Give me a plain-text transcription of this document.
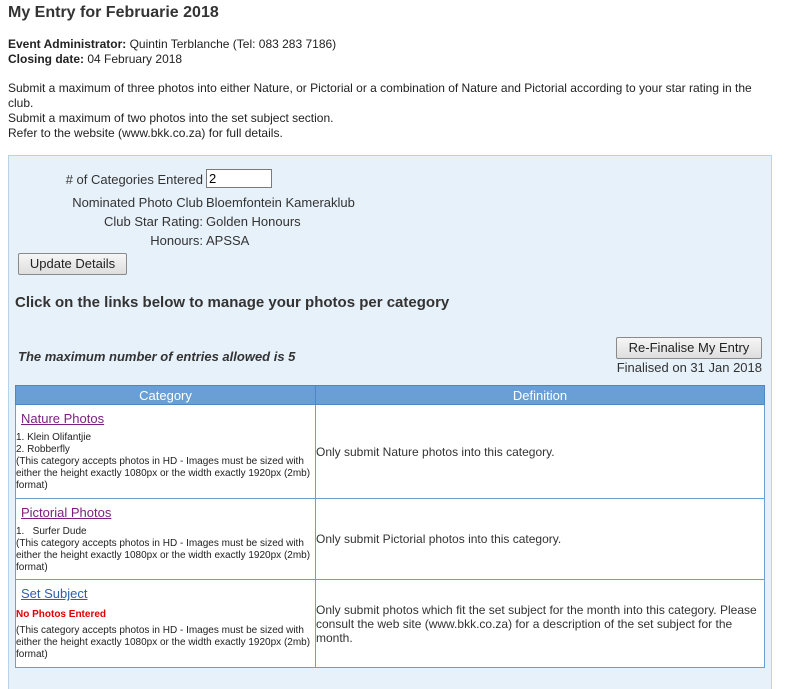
My Entry for Februarie 2018
Event Administrator: Quintin Terblanche (Tel: 083 283 7186)
Closing date: 04 February 2018

Submit a maximum of three photos into either Nature, or Pictorial or a combination of Nature and Pictorial according to your star rating in the club.

Submit a maximum of two photos into the set subject section.

Refer to the website (www.bkk.co.za) for full details.

# of Categories Entered
2
Nominated Photo Club Bloemfontein Kameraklub
Club Star Rating: Golden Honours
Honours: APSSA
Update Details
Click on the links below to manage your photos per category
The maximum number of entries allowed is 5
Re-Finalise My Entry
Finalised on 31 Jan 2018
Category	Definition
Nature Photos
1. Klein Olifantjie
2. Robberfly
(This category accepts photos in HD - Images must be sized with either the height exactly 1080px or the width exactly 1920px (2mb) format)	Only submit Nature photos into this category.
Pictorial Photos
1.   Surfer Dude
(This category accepts photos in HD - Images must be sized with either the height exactly 1080px or the width exactly 1920px (2mb) format)	Only submit Pictorial photos into this category.
Set Subject
No Photos Entered
(This category accepts photos in HD - Images must be sized with either the height exactly 1080px or the width exactly 1920px (2mb) format)	Only submit photos which fit the set subject for the month into this category. Please consult the web site (www.bkk.co.za) for a description of the set subject for the month.
